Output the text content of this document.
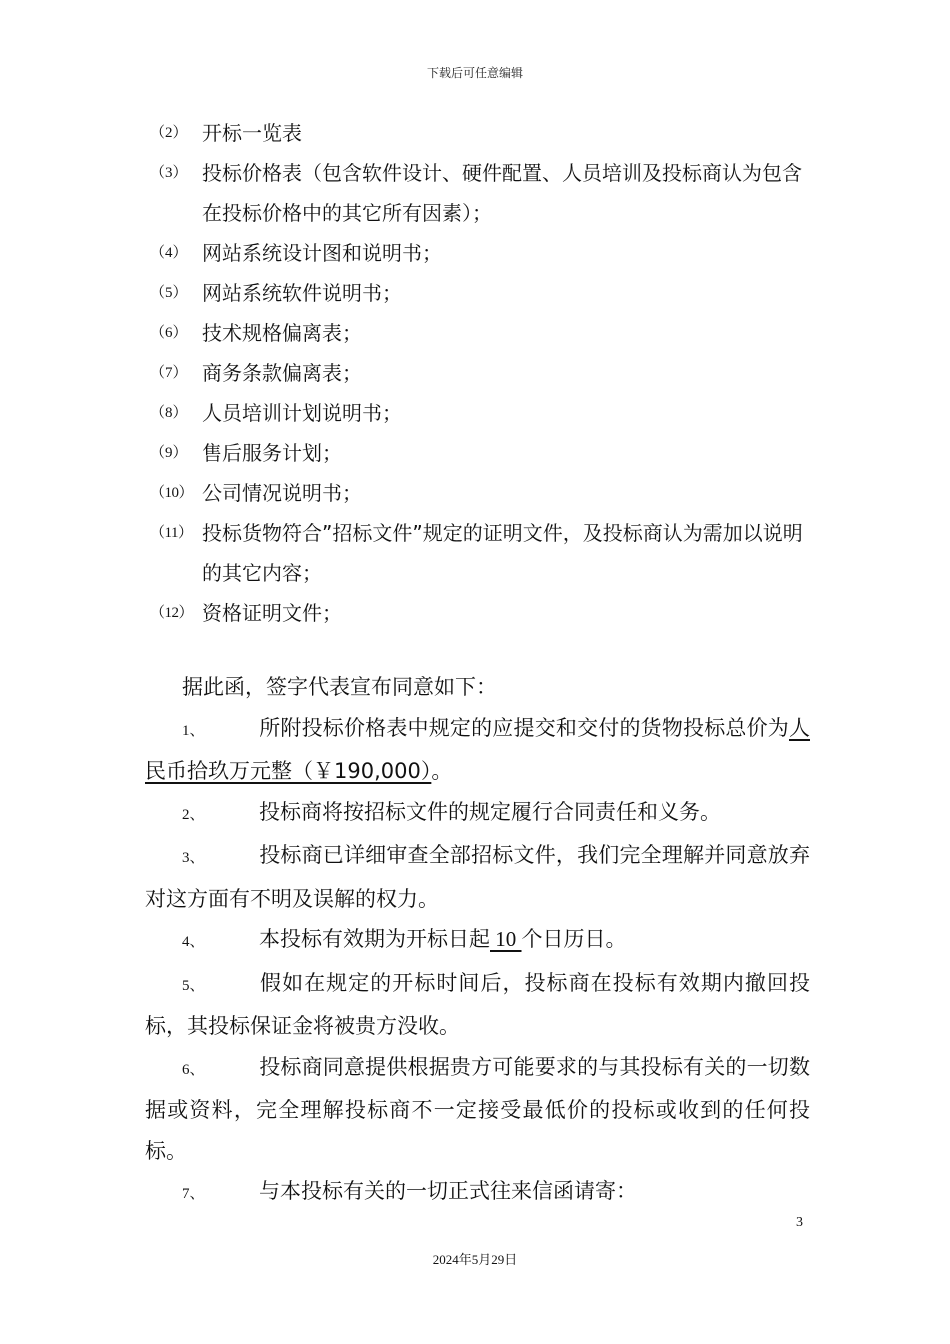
下载后可任意编辑
（2） 开标一览表
（3） 投标价格表（包含软件设计、硬件配置、人员培训及投标商认为包含在投标价格中的其它所有因素）；
（4） 网站系统设计图和说明书；
（5） 网站系统软件说明书；
（6） 技术规格偏离表；
（7） 商务条款偏离表；
（8） 人员培训计划说明书；
（9） 售后服务计划；
（10） 公司情况说明书；
（11） 投标货物符合”招标文件”规定的证明文件，及投标商认为需加以说明的其它内容；
（12） 资格证明文件；
据此函，签字代表宣布同意如下：
1、	所附投标价格表中规定的应提交和交付的货物投标总价为人民币拾玖万元整（￥190,000）。
2、	投标商将按招标文件的规定履行合同责任和义务。
3、	投标商已详细审查全部招标文件，我们完全理解并同意放弃对这方面有不明及误解的权力。
4、	本投标有效期为开标日起 10 个日历日。
5、	假如在规定的开标时间后，投标商在投标有效期内撤回投标，其投标保证金将被贵方没收。
6、	投标商同意提供根据贵方可能要求的与其投标有关的一切数据或资料，完全理解投标商不一定接受最低价的投标或收到的任何投标。
7、	与本投标有关的一切正式往来信函请寄：
3
2024年5月29日
